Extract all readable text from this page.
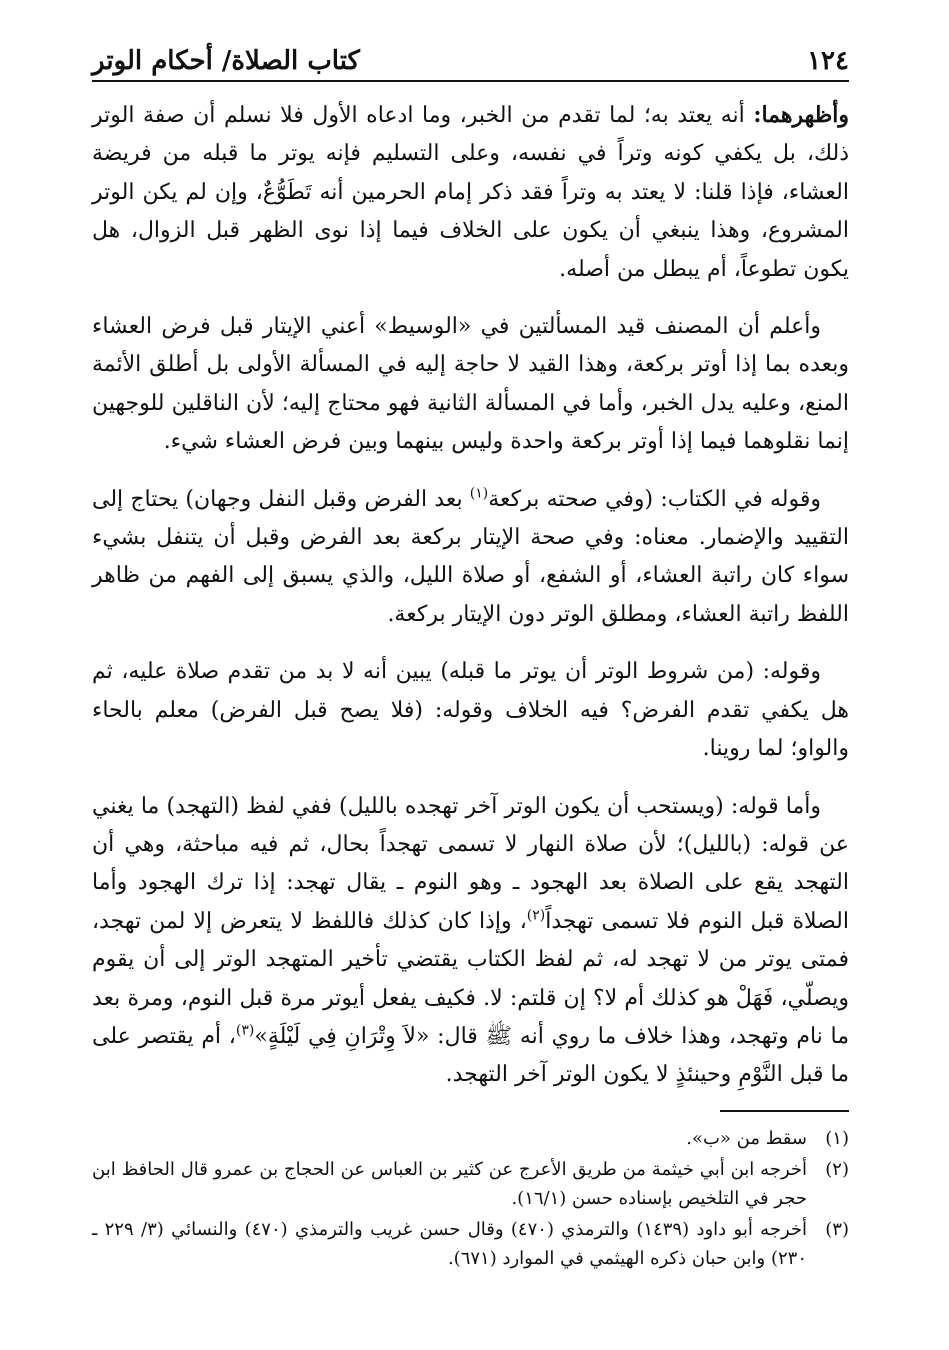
١٢٤
كتاب الصلاة/ أحكام الوتر

وأظهرهما: أنه يعتد به؛ لما تقدم من الخبر، وما ادعاه الأول فلا نسلم أن صفة الوتر ذلك، بل يكفي كونه وتراً في نفسه، وعلى التسليم فإنه يوتر ما قبله من فريضة العشاء، فإذا قلنا: لا يعتد به وتراً فقد ذكر إمام الحرمين أنه تَطَوُّعٌ، وإن لم يكن الوتر المشروع، وهذا ينبغي أن يكون على الخلاف فيما إذا نوى الظهر قبل الزوال، هل يكون تطوعاً، أم يبطل من أصله.

وأعلم أن المصنف قيد المسألتين في «الوسيط» أعني الإيتار قبل فرض العشاء وبعده بما إذا أوتر بركعة، وهذا القيد لا حاجة إليه في المسألة الأولى بل أطلق الأئمة المنع، وعليه يدل الخبر، وأما في المسألة الثانية فهو محتاج إليه؛ لأن الناقلين للوجهين إنما نقلوهما فيما إذا أوتر بركعة واحدة وليس بينهما وبين فرض العشاء شيء.

وقوله في الكتاب: (وفي صحته بركعة$^{(١)}$ بعد الفرض وقبل النفل وجهان) يحتاج إلى التقييد والإضمار. معناه: وفي صحة الإيتار بركعة بعد الفرض وقبل أن يتنفل بشيء سواء كان راتبة العشاء، أو الشفع، أو صلاة الليل، والذي يسبق إلى الفهم من ظاهر اللفظ راتبة العشاء، ومطلق الوتر دون الإيتار بركعة.

وقوله: (من شروط الوتر أن يوتر ما قبله) يبين أنه لا بد من تقدم صلاة عليه، ثم هل يكفي تقدم الفرض؟ فيه الخلاف وقوله: (فلا يصح قبل الفرض) معلم بالحاء والواو؛ لما روينا.

وأما قوله: (ويستحب أن يكون الوتر آخر تهجده بالليل) ففي لفظ (التهجد) ما يغني عن قوله: (بالليل)؛ لأن صلاة النهار لا تسمى تهجداً بحال، ثم فيه مباحثة، وهي أن التهجد يقع على الصلاة بعد الهجود ـ وهو النوم ـ يقال تهجد: إذا ترك الهجود وأما الصلاة قبل النوم فلا تسمى تهجداً$^{(٢)}$، وإذا كان كذلك فاللفظ لا يتعرض إلا لمن تهجد، فمتى يوتر من لا تهجد له، ثم لفظ الكتاب يقتضي تأخير المتهجد الوتر إلى أن يقوم ويصلّي، فَهَلْ هو كذلك أم لا؟ إن قلتم: لا. فكيف يفعل أيوتر مرة قبل النوم، ومرة بعد ما نام وتهجد، وهذا خلاف ما روي أنه ﷺ قال: «لاَ وِتْرَانِ فِي لَيْلَةٍ»$^{(٣)}$، أم يقتصر على ما قبل النَّوْمِ وحينئذٍ لا يكون الوتر آخر التهجد.

(١)
سقط من «ب».
(٢)
أخرجه ابن أبي خيثمة من طريق الأعرج عن كثير بن العباس عن الحجاج بن عمرو قال الحافظ ابن حجر في التلخيص بإسناده حسن (١٦/١).
(٣)
أخرجه أبو داود (١٤٣٩) والترمذي (٤٧٠) وقال حسن غريب والترمذي (٤٧٠) والنسائي (٣/ ٢٢٩ ـ ٢٣٠) وابن حبان ذكره الهيثمي في الموارد (٦٧١).
